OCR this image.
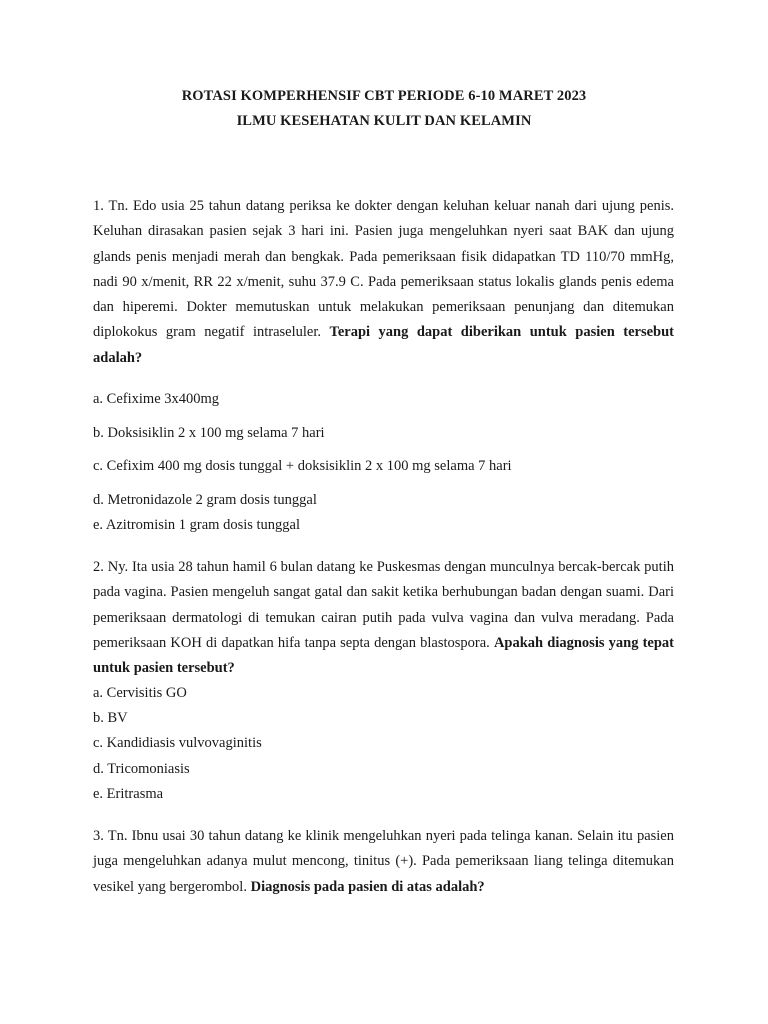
ROTASI KOMPERHENSIF CBT PERIODE 6-10 MARET 2023
ILMU KESEHATAN KULIT DAN KELAMIN
1. Tn. Edo usia 25 tahun datang periksa ke dokter dengan keluhan keluar nanah dari ujung penis. Keluhan dirasakan pasien sejak 3 hari ini. Pasien juga mengeluhkan nyeri saat BAK dan ujung glands penis menjadi merah dan bengkak. Pada pemeriksaan fisik didapatkan TD 110/70 mmHg, nadi 90 x/menit, RR 22 x/menit, suhu 37.9 C. Pada pemeriksaan status lokalis glands penis edema dan hiperemi. Dokter memutuskan untuk melakukan pemeriksaan penunjang dan ditemukan diplokokus gram negatif intraseluler. Terapi yang dapat diberikan untuk pasien tersebut adalah?
a. Cefixime 3x400mg
b. Doksisiklin 2 x 100 mg selama 7 hari
c. Cefixim 400 mg dosis tunggal + doksisiklin 2 x 100 mg selama 7 hari
d. Metronidazole 2 gram dosis tunggal
e. Azitromisin 1 gram dosis tunggal
2. Ny. Ita usia 28 tahun hamil 6 bulan datang ke Puskesmas dengan munculnya bercak-bercak putih pada vagina. Pasien mengeluh sangat gatal dan sakit ketika berhubungan badan dengan suami. Dari pemeriksaan dermatologi di temukan cairan putih pada vulva vagina dan vulva meradang. Pada pemeriksaan KOH di dapatkan hifa tanpa septa dengan blastospora. Apakah diagnosis yang tepat untuk pasien tersebut?
a. Cervisitis GO
b. BV
c. Kandidiasis vulvovaginitis
d. Tricomoniasis
e. Eritrasma
3. Tn. Ibnu usai 30 tahun datang ke klinik mengeluhkan nyeri pada telinga kanan. Selain itu pasien juga mengeluhkan adanya mulut mencong, tinitus (+). Pada pemeriksaan liang telinga ditemukan vesikel yang bergerombol. Diagnosis pada pasien di atas adalah?
